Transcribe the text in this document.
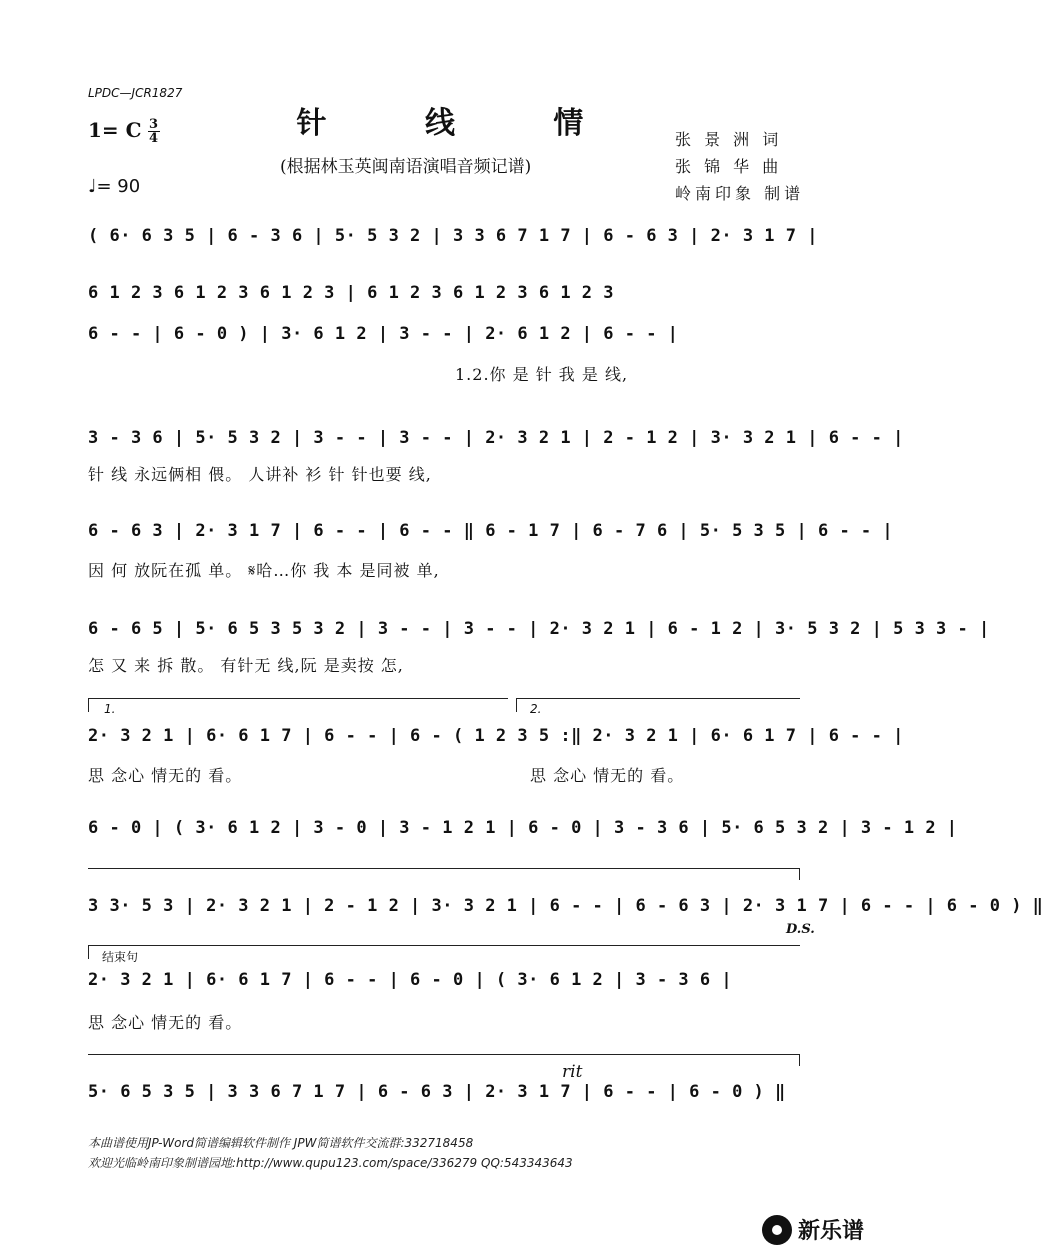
LPDC—JCR1827
针 线 情
(根据林玉英闽南语演唱音频记谱)
1= C $\frac{3}{4}$
♩= 90
张 景 洲 词
张 锦 华 曲
岭南印象 制谱
( 6· 6 3 5 | 6 - 3 6 | 5· 5 3 2 | 3 3 6 7 1 7 | 6 - 6 3 | 2· 3 1 7 |
6 1 2 3 6 1 2 3 6 1 2 3 | 6 1 2 3 6 1 2 3 6 1 2 3
6 - - | 6 - 0 ) | 3· 6 1 2 | 3 - - | 2· 6 1 2 | 6 - - |
1.2.你 是 针 我 是 线,
3 - 3 6 | 5· 5 3 2 | 3 - - | 3 - - | 2· 3 2 1 | 2 - 1 2 | 3· 3 2 1 | 6 - - |
针 线 永远俩相 偎。 人讲补 衫 针 针也要 线,
6 - 6 3 | 2· 3 1 7 | 6 - - | 6 - - ‖ 6 - 1 7 | 6 - 7 6 | 5· 5 3 5 | 6 - - |
因 何 放阮在孤 单。 𝄋哈…你 我 本 是同被 单,
6 - 6 5 | 5· 6 5 3 5 3 2 | 3 - - | 3 - - | 2· 3 2 1 | 6 - 1 2 | 3· 5 3 2 | 5 3 3 - |
怎 又 来 拆 散。 有针无 线,阮 是卖按 怎,
1.	2.
2· 3 2 1 | 6· 6 1 7 | 6 - - | 6 - ( 1 2 3 5 :‖ 2· 3 2 1 | 6· 6 1 7 | 6 - - |
思 念心 情无的 看。	思 念心 情无的 看。
6 - 0 | ( 3· 6 1 2 | 3 - 0 | 3 - 1 2 1 | 6 - 0 | 3 - 3 6 | 5· 6 5 3 2 | 3 - 1 2 |
3 3· 5 3 | 2· 3 2 1 | 2 - 1 2 | 3· 3 2 1 | 6 - - | 6 - 6 3 | 2· 3 1 7 | 6 - - | 6 - 0 ) ‖
D.S.
结束句
2· 3 2 1 | 6· 6 1 7 | 6 - - | 6 - 0 | ( 3· 6 1 2 | 3 - 3 6 |
思 念心 情无的 看。
rit
5· 6 5 3 5 | 3 3 6 7 1 7 | 6 - 6 3 | 2· 3 1 7 | 6 - - | 6 - 0 ) ‖
本曲谱使用JP-Word简谱编辑软件制作 JPW简谱软件交流群:332718458
欢迎光临岭南印象制谱园地:http://www.qupu123.com/space/336279 QQ:543343643
新乐谱
